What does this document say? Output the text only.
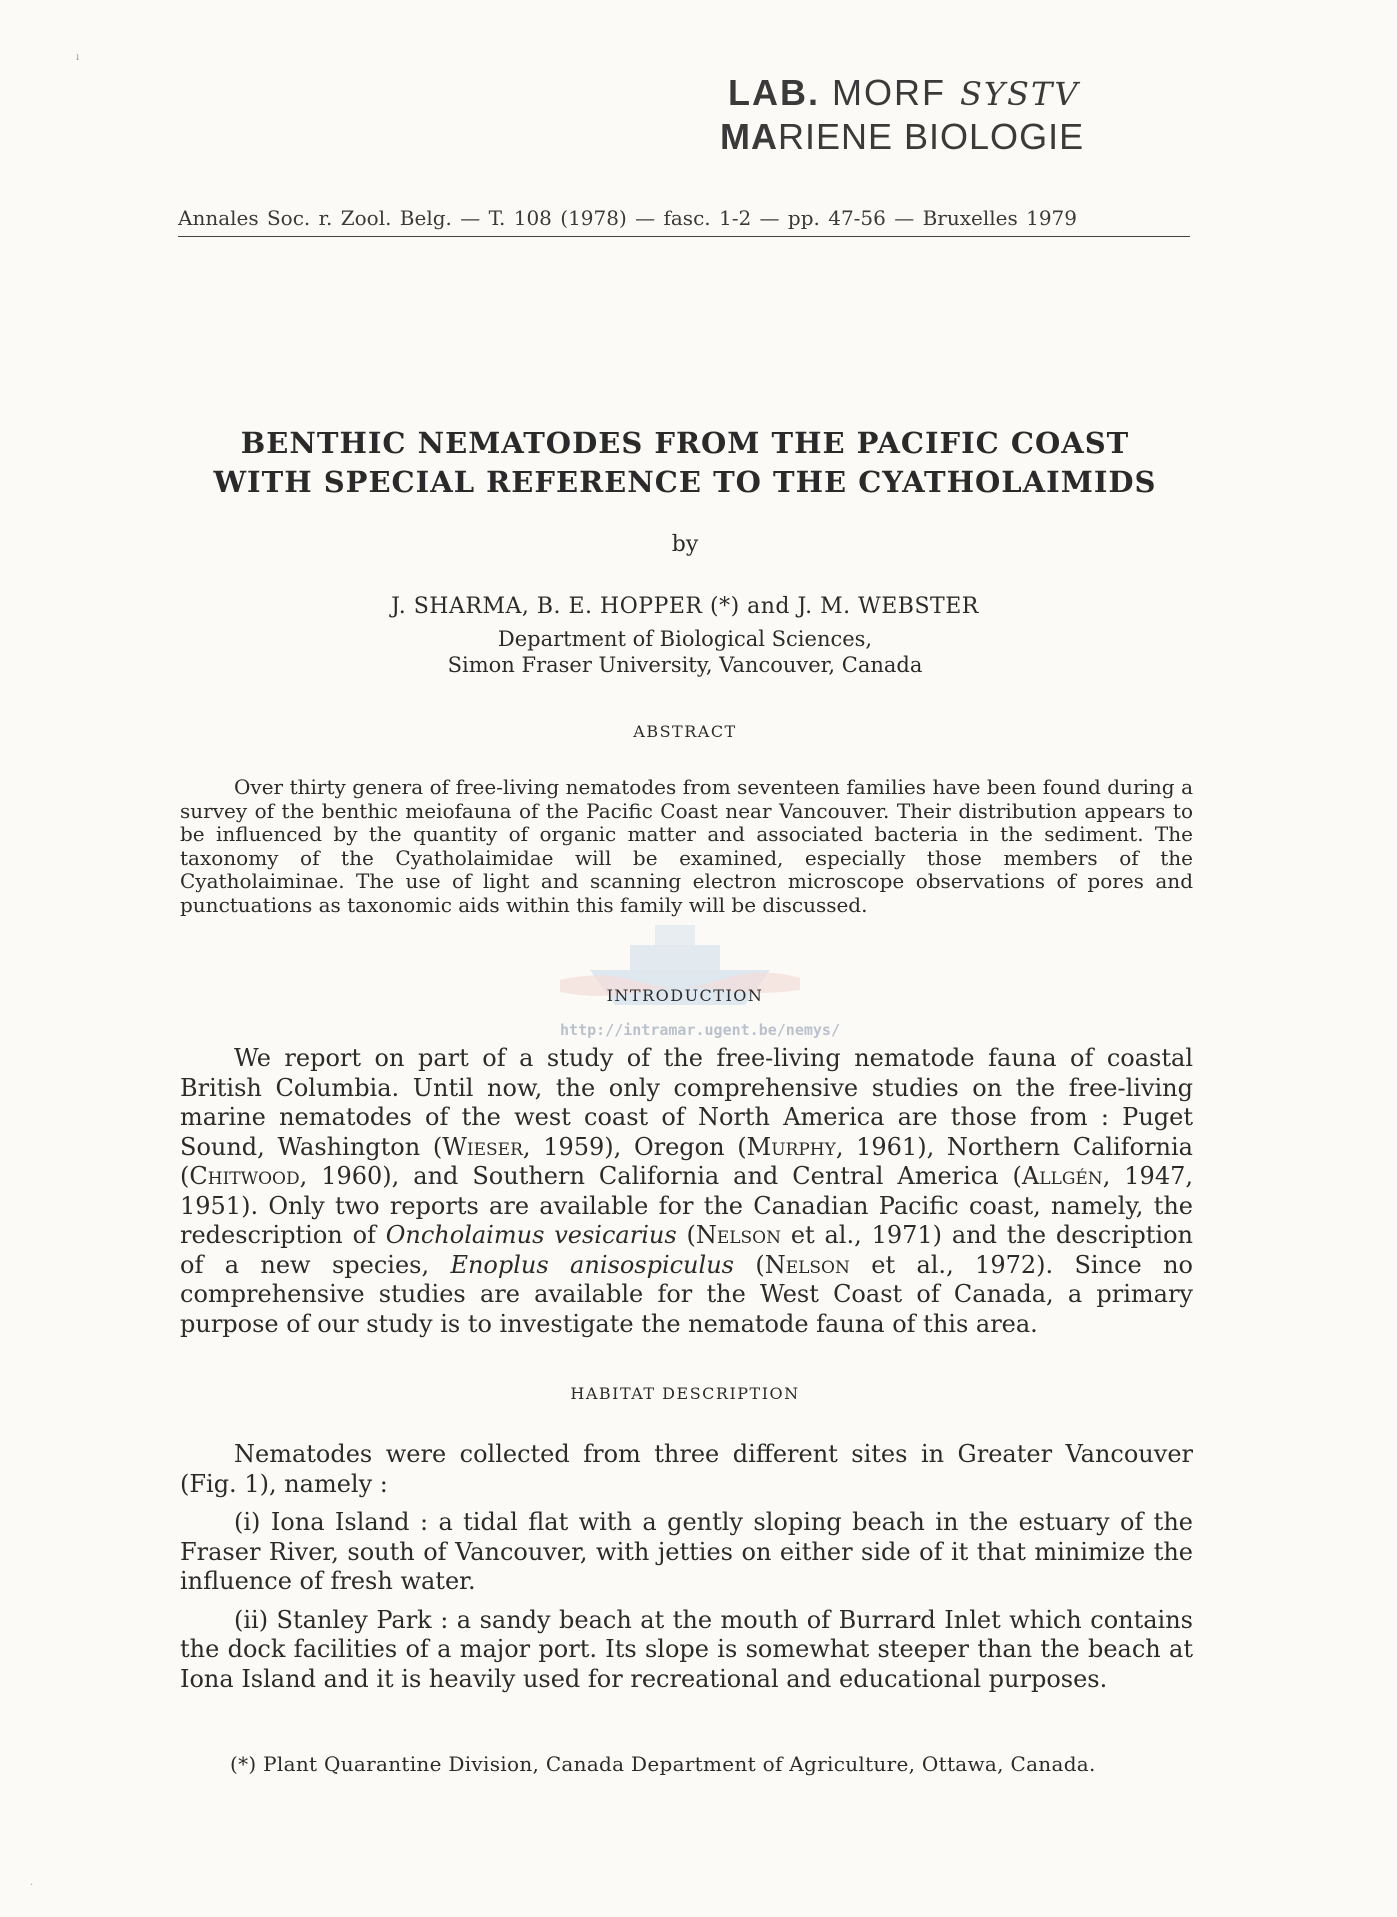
LAB. MORF SYSTV
MARIENE BIOLOGIE
Annales Soc. r. Zool. Belg. — T. 108 (1978) — fasc. 1-2 — pp. 47-56 — Bruxelles 1979
BENTHIC NEMATODES FROM THE PACIFIC COAST
WITH SPECIAL REFERENCE TO THE CYATHOLAIMIDS
by
J. SHARMA, B. E. HOPPER (*) and J. M. WEBSTER
Department of Biological Sciences,
Simon Fraser University, Vancouver, Canada
ABSTRACT

Over thirty genera of free-living nematodes from seventeen families have been found during a survey of the benthic meiofauna of the Pacific Coast near Vancouver. Their distribution appears to be influenced by the quantity of organic matter and associated bacteria in the sediment. The taxonomy of the Cyatholaimidae will be examined, especially those members of the Cyatholaiminae. The use of light and scanning electron microscope observations of pores and punctuations as taxonomic aids within this family will be discussed.

INTRODUCTION
http://intramar.ugent.be/nemys/

We report on part of a study of the free-living nematode fauna of coastal British Columbia. Until now, the only comprehensive studies on the free-living marine nematodes of the west coast of North America are those from : Puget Sound, Washington (Wieser, 1959), Oregon (Murphy, 1961), Northern California (Chitwood, 1960), and Southern California and Central America (Allgén, 1947, 1951). Only two reports are available for the Canadian Pacific coast, namely, the redescription of Oncholaimus vesicarius (Nelson et al., 1971) and the description of a new species, Enoplus anisospiculus (Nelson et al., 1972). Since no comprehensive studies are available for the West Coast of Canada, a primary purpose of our study is to investigate the nematode fauna of this area.

HABITAT DESCRIPTION

Nematodes were collected from three different sites in Greater Vancouver (Fig. 1), namely :

(i) Iona Island : a tidal flat with a gently sloping beach in the estuary of the Fraser River, south of Vancouver, with jetties on either side of it that minimize the influence of fresh water.

(ii) Stanley Park : a sandy beach at the mouth of Burrard Inlet which contains the dock facilities of a major port. Its slope is somewhat steeper than the beach at Iona Island and it is heavily used for recreational and educational purposes.

(*) Plant Quarantine Division, Canada Department of Agriculture, Ottawa, Canada.
ı
·
